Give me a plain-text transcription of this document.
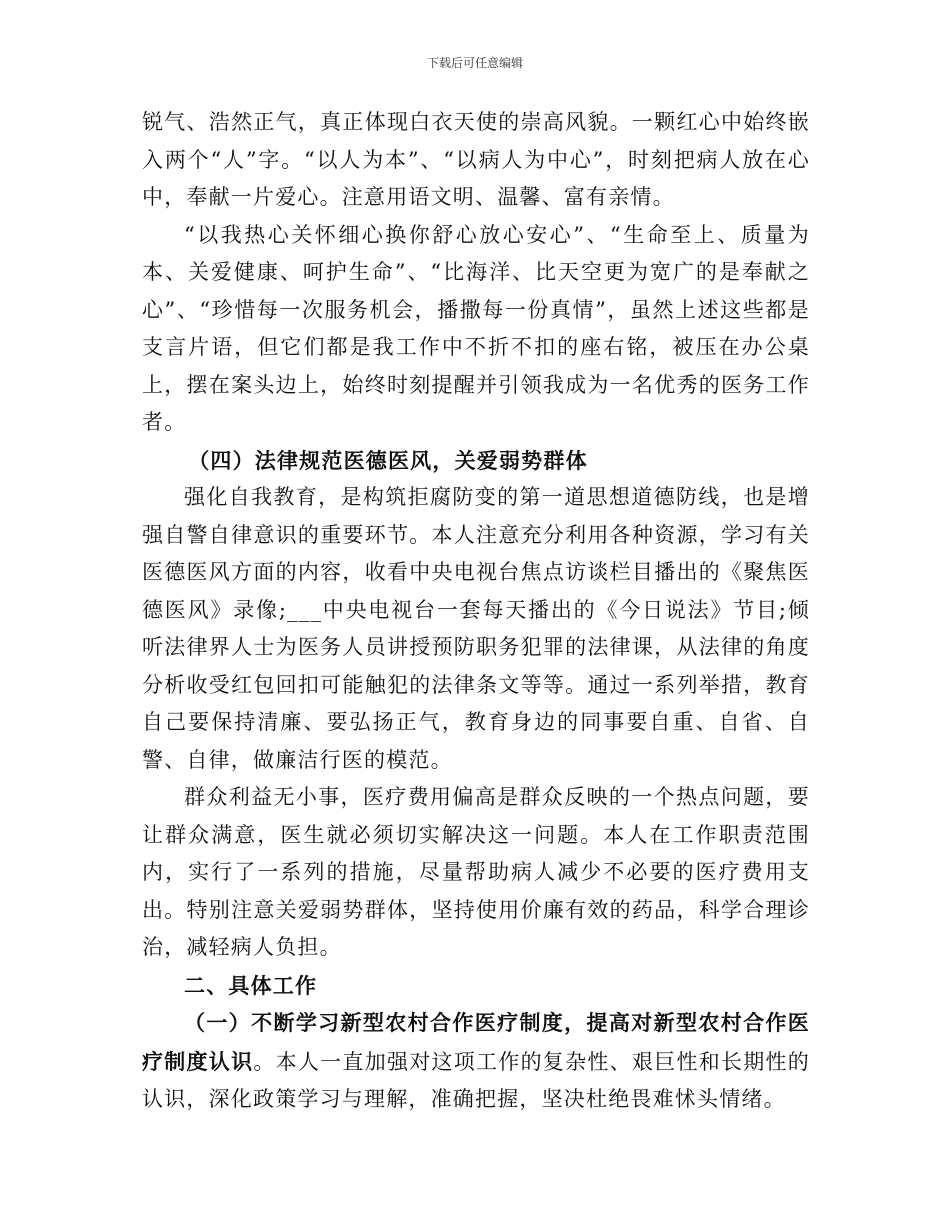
下载后可任意编辑

锐气、浩然正气，真正体现白衣天使的崇高风貌。一颗红心中始终嵌入两个“人”字。“以人为本”、“以病人为中心”，时刻把病人放在心中，奉献一片爱心。注意用语文明、温馨、富有亲情。

“以我热心关怀细心换你舒心放心安心”、“生命至上、质量为本、关爱健康、呵护生命”、“比海洋、比天空更为宽广的是奉献之心”、“珍惜每一次服务机会，播撒每一份真情”，虽然上述这些都是支言片语，但它们都是我工作中不折不扣的座右铭，被压在办公桌上，摆在案头边上，始终时刻提醒并引领我成为一名优秀的医务工作者。

（四）法律规范医德医风，关爱弱势群体

强化自我教育，是构筑拒腐防变的第一道思想道德防线，也是增强自警自律意识的重要环节。本人注意充分利用各种资源，学习有关医德医风方面的内容，收看中央电视台焦点访谈栏目播出的《聚焦医德医风》录像;___中央电视台一套每天播出的《今日说法》节目;倾听法律界人士为医务人员讲授预防职务犯罪的法律课，从法律的角度分析收受红包回扣可能触犯的法律条文等等。通过一系列举措，教育自己要保持清廉、要弘扬正气，教育身边的同事要自重、自省、自警、自律，做廉洁行医的模范。

群众利益无小事，医疗费用偏高是群众反映的一个热点问题，要让群众满意，医生就必须切实解决这一问题。本人在工作职责范围内，实行了一系列的措施，尽量帮助病人减少不必要的医疗费用支出。特别注意关爱弱势群体，坚持使用价廉有效的药品，科学合理诊治，减轻病人负担。

二、具体工作

（一）不断学习新型农村合作医疗制度，提高对新型农村合作医疗制度认识。本人一直加强对这项工作的复杂性、艰巨性和长期性的认识，深化政策学习与理解，准确把握，坚决杜绝畏难怵头情绪。
